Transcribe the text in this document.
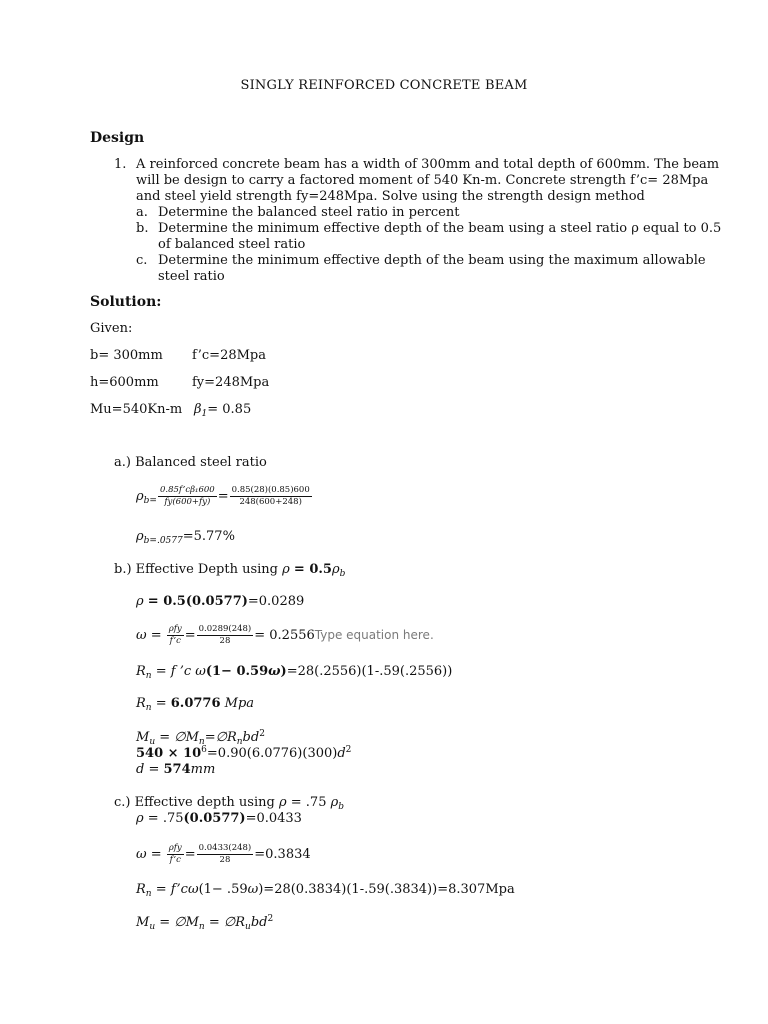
SINGLY REINFORCED CONCRETE BEAM
Design
1. A reinforced concrete beam has a width of 300mm and total depth of 600mm. The beam
will be design to carry a factored moment of 540 Kn-m. Concrete strength f’c= 28Mpa
and steel yield strength fy=248Mpa. Solve using the strength design method
a. Determine the balanced steel ratio in percent
b. Determine the minimum effective depth of the beam using a steel ratio ρ equal to 0.5
of balanced steel ratio
c. Determine the minimum effective depth of the beam using the maximum allowable
steel ratio
Solution:
Given:
b= 300mm f’c=28Mpa
h=600mm	fy=248Mpa
Mu=540Kn-m $\beta_1= 0.85$
a.) Balanced steel ratio
$\rho_{b=} \frac{\text{0.85f’cβ₁600}}{fy(600+fy)} = \frac{0.85(28)(0.85)600}{248(600+248)}$
$\rho_{b=.0577}=5.77\%$
b.) Effective Depth using $\rho = 0.5\rho_b$
ρ = 0.5(0.0577)=0.0289
$\omega = \frac{\text{ρfy}}{f’c} = \frac{0.0289(248)}{28}$ = 0.2556Type equation here.
$R_n = f$ ’c ω(1− 0.59ω)=28(.2556)(1-.59(.2556))
$R_n = 6.0776$ Mpa
$M_u$ = $\emptyset M_n=\emptyset R_nbd^2$
$540 \times 10^6=0.90(6.0776)(300)d^2$
d = 574mm
c.) Effective depth using ρ = .75 $\rho_b$
ρ = .75(0.0577)=0.0433
$\omega = \frac{\text{ρfy}}{f’c} = \frac{0.0433(248)}{28} =0.3834$
$R_n$ = f’cω(1− .59ω)=28(0.3834)(1-.59(.3834))=8.307Mpa
$M_u$ = $\emptyset M_n$ = $\emptyset R_ubd^2$
